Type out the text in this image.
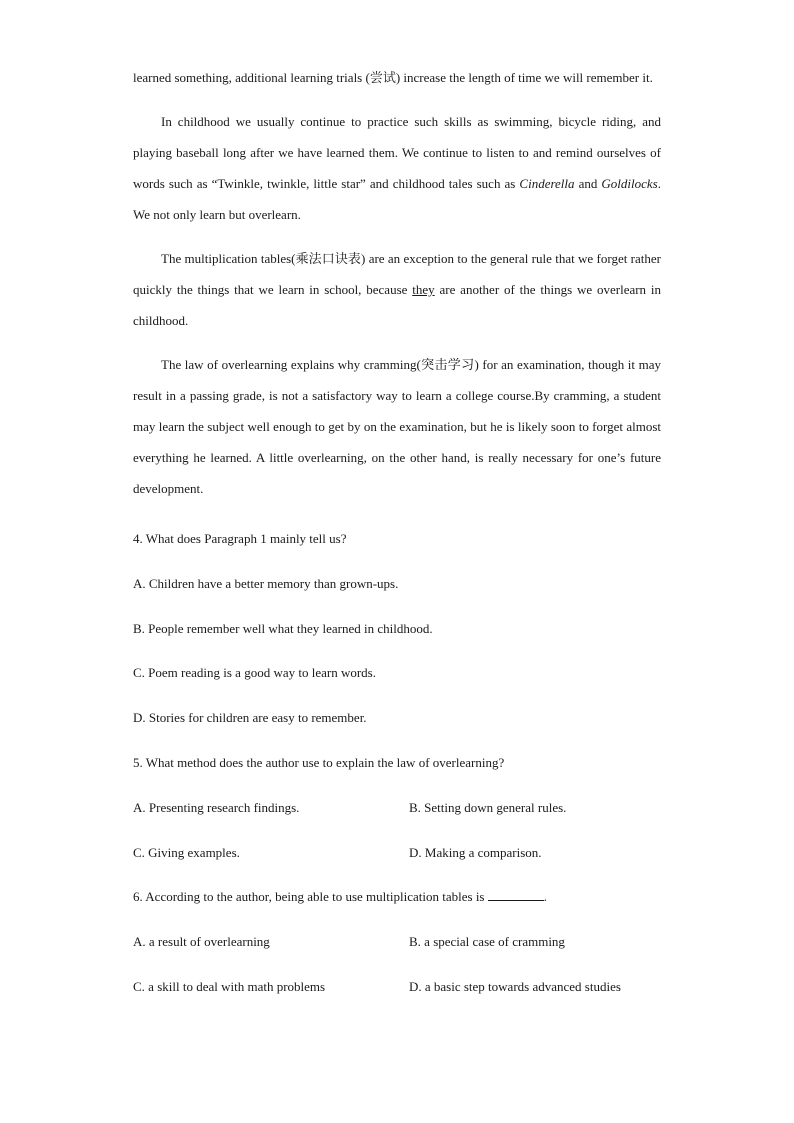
learned something, additional learning trials (尝试) increase the length of time we will remember it.

In childhood we usually continue to practice such skills as swimming, bicycle riding, and playing baseball long after we have learned them. We continue to listen to and remind ourselves of words such as “Twinkle, twinkle, little star” and childhood tales such as Cinderella and Goldilocks. We not only learn but overlearn.

The multiplication tables(乘法口诀表) are an exception to the general rule that we forget rather quickly the things that we learn in school, because they are another of the things we overlearn in childhood.

The law of overlearning explains why cramming(突击学习) for an examination, though it may result in a passing grade, is not a satisfactory way to learn a college course.By cramming, a student may learn the subject well enough to get by on the examination, but he is likely soon to forget almost everything he learned. A little overlearning, on the other hand, is really necessary for one’s future development.

4. What does Paragraph 1 mainly tell us?

A. Children have a better memory than grown-ups.

B. People remember well what they learned in childhood.

C. Poem reading is a good way to learn words.

D. Stories for children are easy to remember.

5. What method does the author use to explain the law of overlearning?

A. Presenting research findings.	B. Setting down general rules.
C. Giving examples.	D. Making a comparison.

6. According to the author, being able to use multiplication tables is	.

A. a result of overlearning	B. a special case of cramming
C. a skill to deal with math problems	D. a basic step towards advanced studies
